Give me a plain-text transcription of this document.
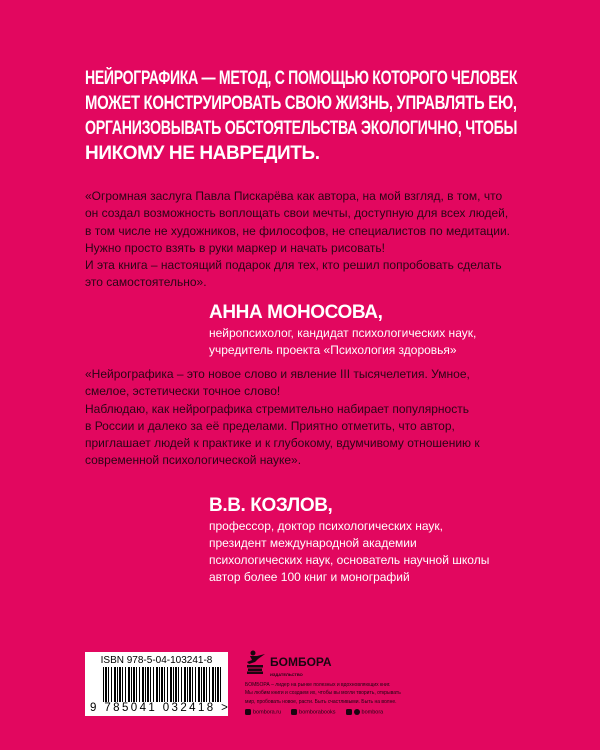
НЕЙРОГРАФИКА — МЕТОД, С ПОМОЩЬЮ КОТОРОГО ЧЕЛОВЕК
МОЖЕТ КОНСТРУИРОВАТЬ СВОЮ ЖИЗНЬ, УПРАВЛЯТЬ ЕЮ,
ОРГАНИЗОВЫВАТЬ ОБСТОЯТЕЛЬСТВА ЭКОЛОГИЧНО, ЧТОБЫ
НИКОМУ НЕ НАВРЕДИТЬ.
«Огромная заслуга Павла Пискарёва как автора, на мой взгляд, в том, что
он создал возможность воплощать свои мечты, доступную для всех людей,
в том числе не художников, не философов, не специалистов по медитации.
Нужно просто взять в руки маркер и начать рисовать!
И эта книга – настоящий подарок для тех, кто решил попробовать сделать
это самостоятельно».
АННА МОНОСОВА,
нейропсихолог, кандидат психологических наук,
учредитель проекта «Психология здоровья»
«Нейрографика – это новое слово и явление III тысячелетия. Умное,
смелое, эстетически точное слово!
Наблюдаю, как нейрографика стремительно набирает популярность
в России и далеко за её пределами. Приятно отметить, что автор,
приглашает людей к практике и к глубокому, вдумчивому отношению к
современной психологической науке».
В.В. КОЗЛОВ,
профессор, доктор психологических наук,
президент международной академии
психологических наук, основатель научной школы
автор более 100 книг и монографий
ISBN 978-5-04-103241-8
9 785041 032418 >
БОМБОРА
ИЗДАТЕЛЬСТВО
БОМБОРА – лидер на рынке полезных и вдохновляющих книг.
Мы любим книги и создаем их, чтобы вы могли творить, открывать
мир, пробовать новое, расти. Быть счастливыми. Быть на волне.
bombora.ru	bomborabooks	bombora
